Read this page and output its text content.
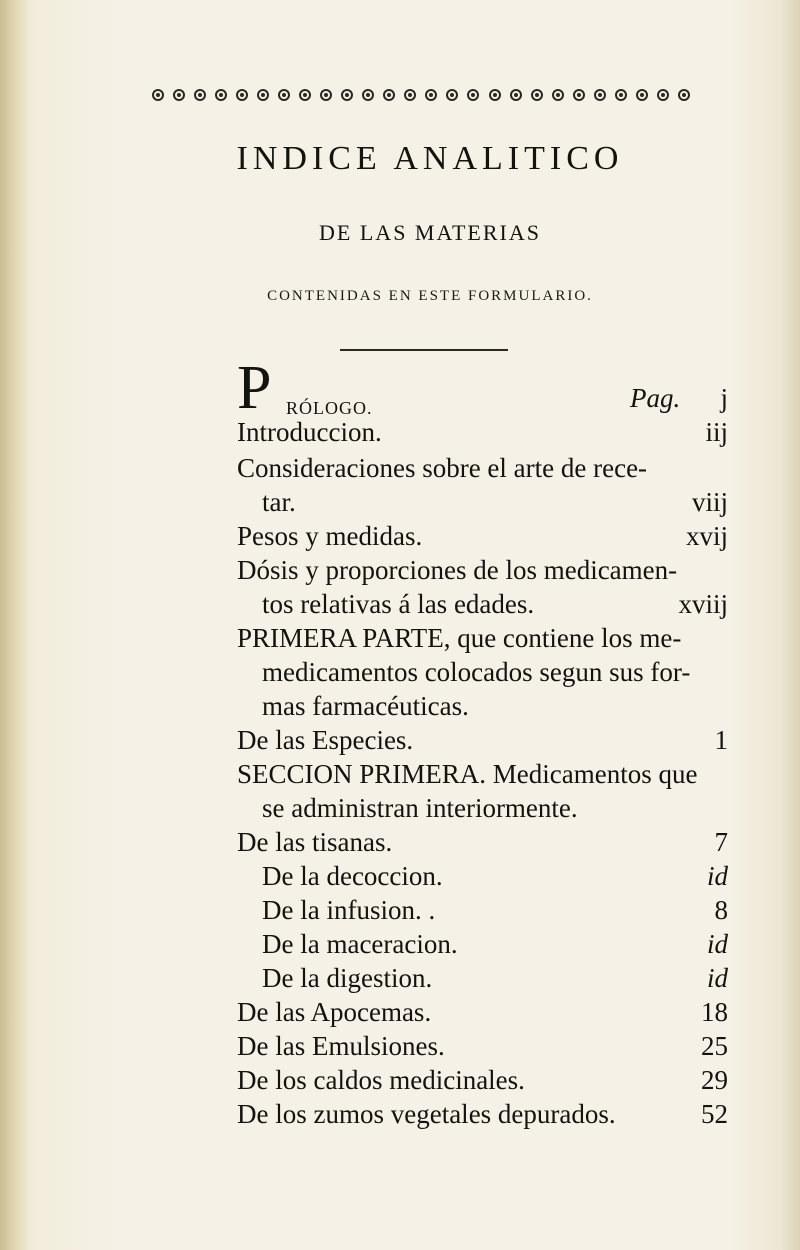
INDICE ANALITICO
DE LAS MATERIAS
CONTENIDAS EN ESTE FORMULARIO.
P RÓLOGO.	Pag.	j
Introduccion.	iij
Consideraciones sobre el arte de rece-
tar.	viij
Pesos y medidas.	xvij
Dósis y proporciones de los medicamen-
tos relativas á las edades.	xviij
PRIMERA PARTE, que contiene los me-
medicamentos colocados segun sus for-
mas farmacéuticas.
De las Especies.	1
SECCION PRIMERA. Medicamentos que
se administran interiormente.
De las tisanas.	7
De la decoccion.	id
De la infusion. .	8
De la maceracion.	id
De la digestion.	id
De las Apocemas.	18
De las Emulsiones.	25
De los caldos medicinales.	29
De los zumos vegetales depurados.	52
